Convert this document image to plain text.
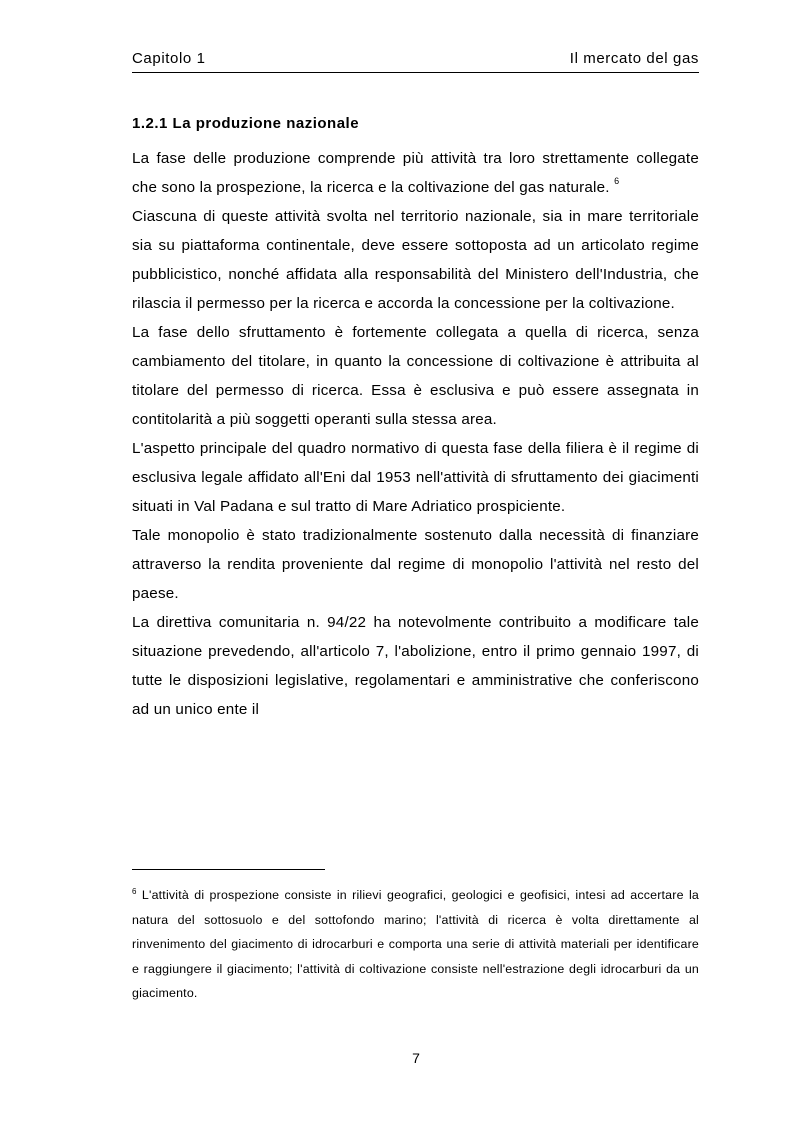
Capitolo 1	Il mercato del gas
1.2.1 La produzione nazionale

La fase delle produzione comprende più attività tra loro strettamente collegate che sono la prospezione, la ricerca e la coltivazione del gas naturale. $^6$

Ciascuna di queste attività svolta nel territorio nazionale, sia in mare territoriale sia su piattaforma continentale, deve essere sottoposta ad un articolato regime pubblicistico, nonché affidata alla responsabilità del Ministero dell'Industria, che rilascia il permesso per la ricerca e accorda la concessione per la coltivazione.

La fase dello sfruttamento è fortemente collegata a quella di ricerca, senza cambiamento del titolare, in quanto la concessione di coltivazione è attribuita al titolare del permesso di ricerca. Essa è esclusiva e può essere assegnata in contitolarità a più soggetti operanti sulla stessa area.

L'aspetto principale del quadro normativo di questa fase della filiera è il regime di esclusiva legale affidato all'Eni dal 1953 nell'attività di sfruttamento dei giacimenti situati in Val Padana e sul tratto di Mare Adriatico prospiciente.

Tale monopolio è stato tradizionalmente sostenuto dalla necessità di finanziare attraverso la rendita proveniente dal regime di monopolio l'attività nel resto del paese.

La direttiva comunitaria n. 94/22 ha notevolmente contribuito a modificare tale situazione prevedendo, all'articolo 7, l'abolizione, entro il primo gennaio 1997, di tutte le disposizioni legislative, regolamentari e amministrative che conferiscono ad un unico ente il

$^6$ L'attività di prospezione consiste in rilievi geografici, geologici e geofisici, intesi ad accertare la natura del sottosuolo e del sottofondo marino; l'attività di ricerca è volta direttamente al rinvenimento del giacimento di idrocarburi e comporta una serie di attività materiali per identificare e raggiungere il giacimento; l'attività di coltivazione consiste nell'estrazione degli idrocarburi da un giacimento.
7
